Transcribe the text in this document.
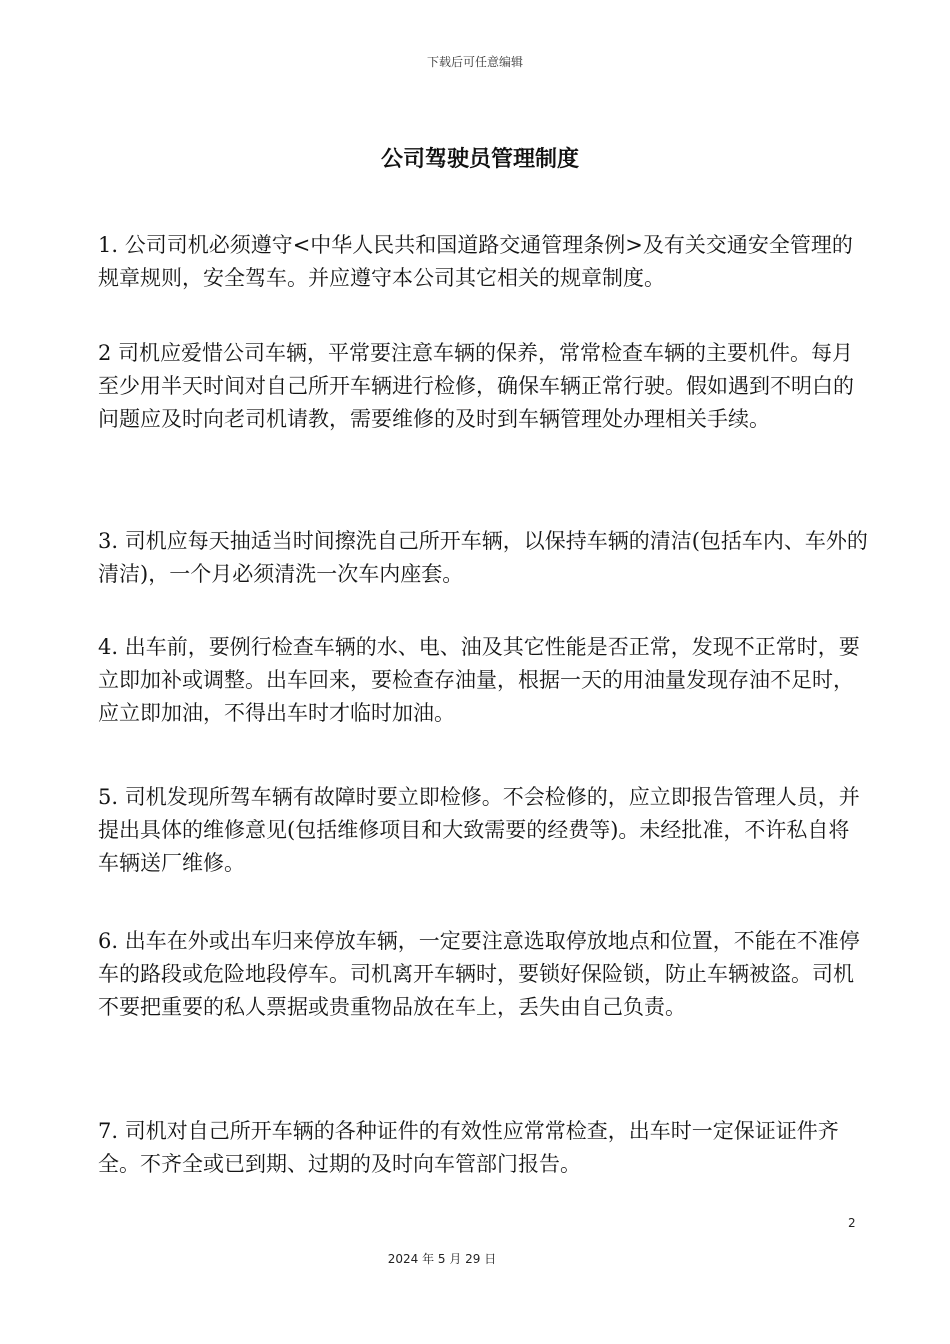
下载后可任意编辑
公司驾驶员管理制度

1. 公司司机必须遵守<中华人民共和国道路交通管理条例>及有关交通安全管理的规章规则，安全驾车。并应遵守本公司其它相关的规章制度。

2 司机应爱惜公司车辆，平常要注意车辆的保养，常常检查车辆的主要机件。每月至少用半天时间对自己所开车辆进行检修，确保车辆正常行驶。假如遇到不明白的问题应及时向老司机请教，需要维修的及时到车辆管理处办理相关手续。

3. 司机应每天抽适当时间擦洗自己所开车辆，以保持车辆的清洁(包括车内、车外的清洁)，一个月必须清洗一次车内座套。

4. 出车前，要例行检查车辆的水、电、油及其它性能是否正常，发现不正常时，要立即加补或调整。出车回来，要检查存油量，根据一天的用油量发现存油不足时，应立即加油，不得出车时才临时加油。

5. 司机发现所驾车辆有故障时要立即检修。不会检修的，应立即报告管理人员，并提出具体的维修意见(包括维修项目和大致需要的经费等)。未经批准，不许私自将车辆送厂维修。

6. 出车在外或出车归来停放车辆，一定要注意选取停放地点和位置，不能在不准停车的路段或危险地段停车。司机离开车辆时，要锁好保险锁，防止车辆被盗。司机不要把重要的私人票据或贵重物品放在车上，丢失由自己负责。

7. 司机对自己所开车辆的各种证件的有效性应常常检查，出车时一定保证证件齐全。不齐全或已到期、过期的及时向车管部门报告。

2
2024 年 5 月 29 日
